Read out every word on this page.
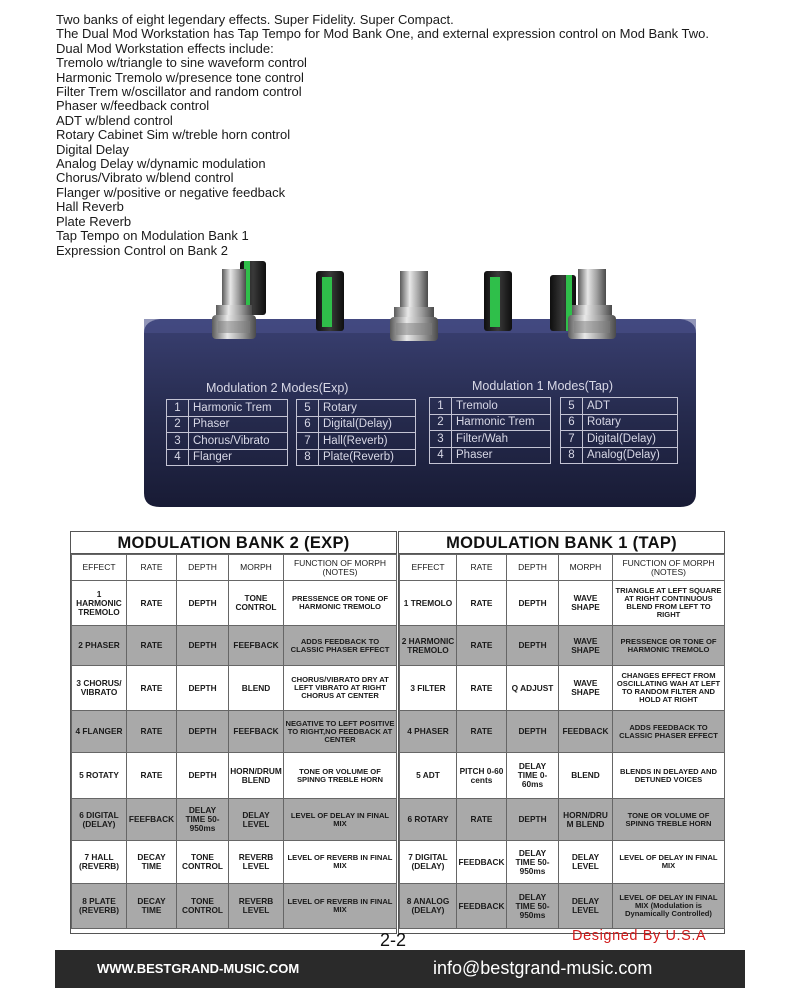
Two banks of eight legendary effects. Super Fidelity. Super Compact.
The Dual Mod Workstation has Tap Tempo for Mod Bank One, and external expression control on Mod Bank Two.
Dual Mod Workstation effects include:
Tremolo w/triangle to sine waveform control
Harmonic Tremolo w/presence tone control
Filter Trem w/oscillator and random control
Phaser w/feedback control
ADT w/blend control
Rotary Cabinet Sim w/treble horn control
Digital Delay
Analog Delay w/dynamic modulation
Chorus/Vibrato w/blend control
Flanger w/positive or negative feedback
Hall Reverb
Plate Reverb
Tap Tempo on Modulation Bank 1
Expression Control on Bank 2
Modulation 2 Modes(Exp)	Modulation 1 Modes(Tap)
1	Harmonic Trem
2	Phaser
3	Chorus/Vibrato
4	Flanger
5	Rotary
6	Digital(Delay)
7	Hall(Reverb)
8	Plate(Reverb)
1	Tremolo
2	Harmonic Trem
3	Filter/Wah
4	Phaser
5	ADT
6	Rotary
7	Digital(Delay)
8	Analog(Delay)
MODULATION BANK 2 (EXP)
EFFECT	RATE	DEPTH	MORPH	FUNCTION OF MORPH (NOTES)
1 HARMONIC TREMOLO	RATE	DEPTH	TONE CONTROL	PRESSENCE OR TONE OF HARMONIC TREMOLO
2 PHASER	RATE	DEPTH	FEEFBACK	ADDS FEEDBACK TO CLASSIC PHASER EFFECT
3 CHORUS/ VIBRATO	RATE	DEPTH	BLEND	CHORUS/VIBRATO DRY AT LEFT VIBRATO AT RIGHT CHORUS AT CENTER
4 FLANGER	RATE	DEPTH	FEEFBACK	NEGATIVE TO LEFT POSITIVE TO RIGHT,NO FEEDBACK AT CENTER
5 ROTATY	RATE	DEPTH	HORN/DRUM BLEND	TONE OR VOLUME OF SPINNG TREBLE HORN
6 DIGITAL (DELAY)	FEEFBACK	DELAY TIME 50-950ms	DELAY LEVEL	LEVEL OF DELAY IN FINAL MIX
7 HALL (REVERB)	DECAY TIME	TONE CONTROL	REVERB LEVEL	LEVEL OF REVERB IN FINAL MIX
8 PLATE (REVERB)	DECAY TIME	TONE CONTROL	REVERB LEVEL	LEVEL OF REVERB IN FINAL MIX
MODULATION BANK 1 (TAP)
EFFECT	RATE	DEPTH	MORPH	FUNCTION OF MORPH (NOTES)
1 TREMOLO	RATE	DEPTH	WAVE SHAPE	TRIANGLE AT LEFT SQUARE AT RIGHT CONTINUOUS BLEND FROM LEFT TO RIGHT
2 HARMONIC TREMOLO	RATE	DEPTH	WAVE SHAPE	PRESSENCE OR TONE OF HARMONIC TREMOLO
3 FILTER	RATE	Q ADJUST	WAVE SHAPE	CHANGES EFFECT FROM OSCILLATING WAH AT LEFT TO RANDOM FILTER AND HOLD AT RIGHT
4 PHASER	RATE	DEPTH	FEEDBACK	ADDS FEEDBACK TO CLASSIC PHASER EFFECT
5 ADT	PITCH 0-60 cents	DELAY TIME 0-60ms	BLEND	BLENDS IN DELAYED AND DETUNED VOICES
6 ROTARY	RATE	DEPTH	HORN/DRUM BLEND	TONE OR VOLUME OF SPINNG TREBLE HORN
7 DIGITAL (DELAY)	FEEDBACK	DELAY TIME 50-950ms	DELAY LEVEL	LEVEL OF DELAY IN FINAL MIX
8 ANALOG (DELAY)	FEEDBACK	DELAY TIME 50-950ms	DELAY LEVEL	LEVEL OF DELAY IN FINAL MIX (Modulation is Dynamically Controlled)
2-2	Designed By U.S.A
WWW.BESTGRAND-MUSIC.COM	info@bestgrand-music.com
